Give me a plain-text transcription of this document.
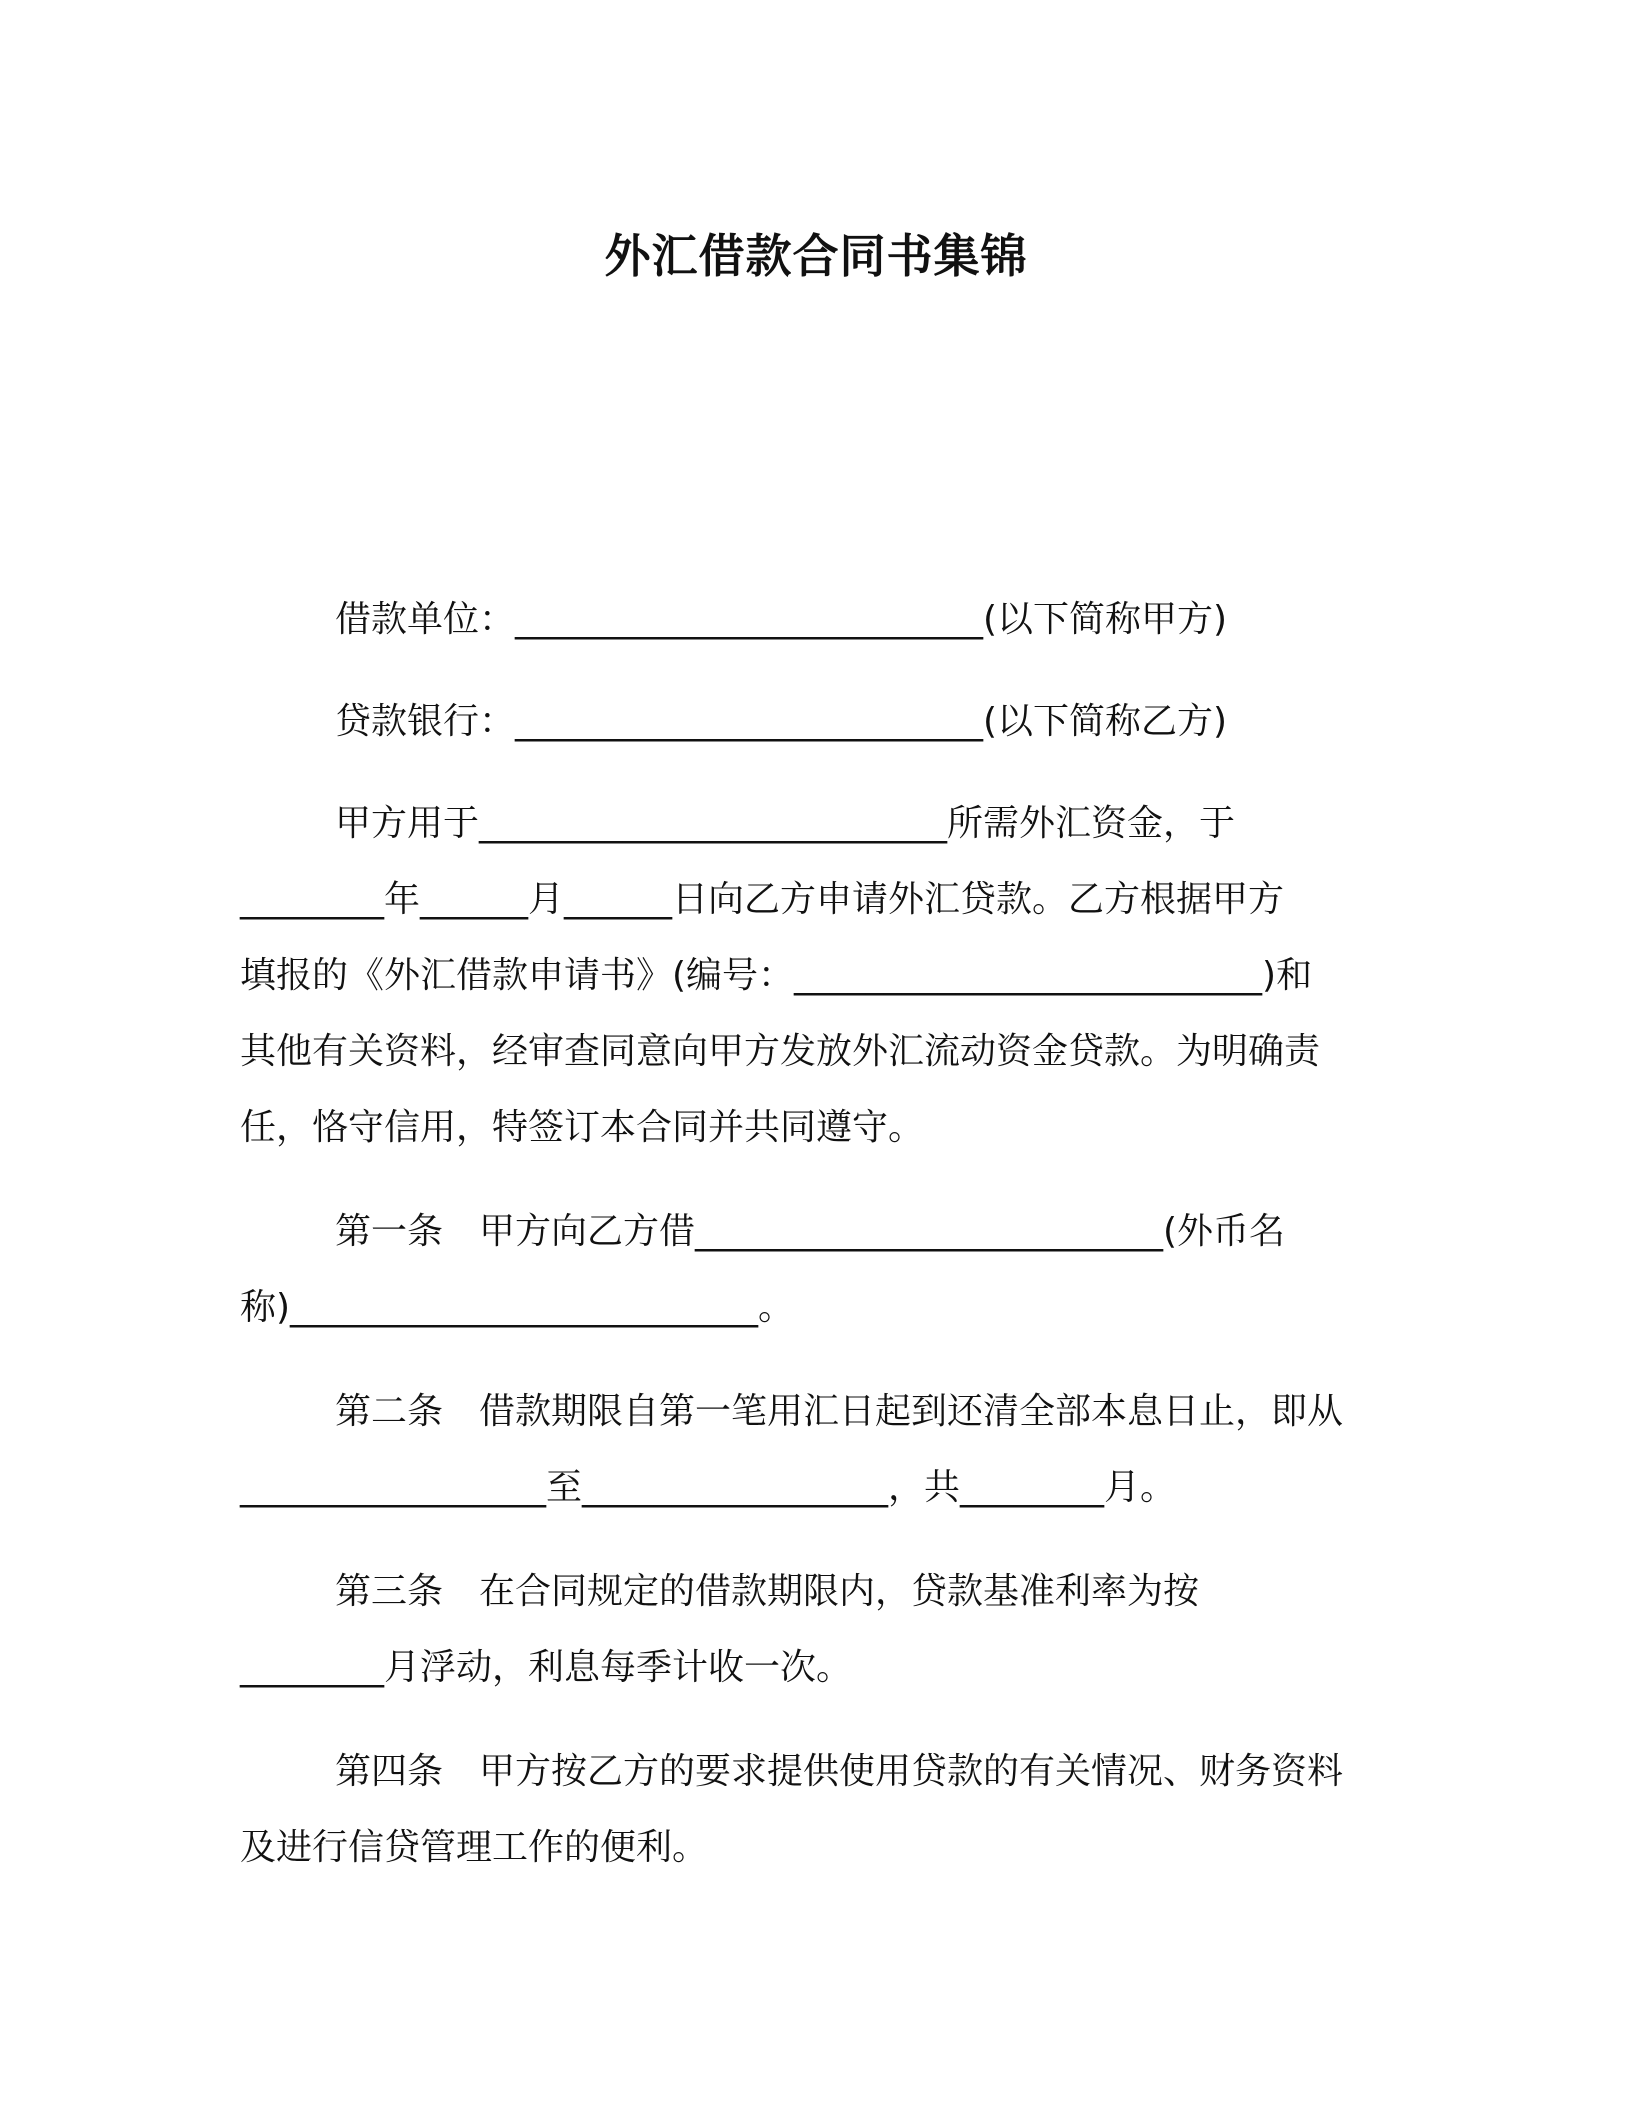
外汇借款合同书集锦

借款单位：__________________________(以下简称甲方)

贷款银行：__________________________(以下简称乙方)

甲方用于__________________________所需外汇资金，于

________年______月______日向乙方申请外汇贷款。乙方根据甲方

填报的《外汇借款申请书》(编号：__________________________)和

其他有关资料，经审查同意向甲方发放外汇流动资金贷款。为明确责

任，恪守信用，特签订本合同并共同遵守。

第一条　甲方向乙方借__________________________(外币名

称)__________________________。

第二条　借款期限自第一笔用汇日起到还清全部本息日止，即从

_________________至_________________，共________月。

第三条　在合同规定的借款期限内，贷款基准利率为按

________月浮动，利息每季计收一次。

第四条　甲方按乙方的要求提供使用贷款的有关情况、财务资料

及进行信贷管理工作的便利。
